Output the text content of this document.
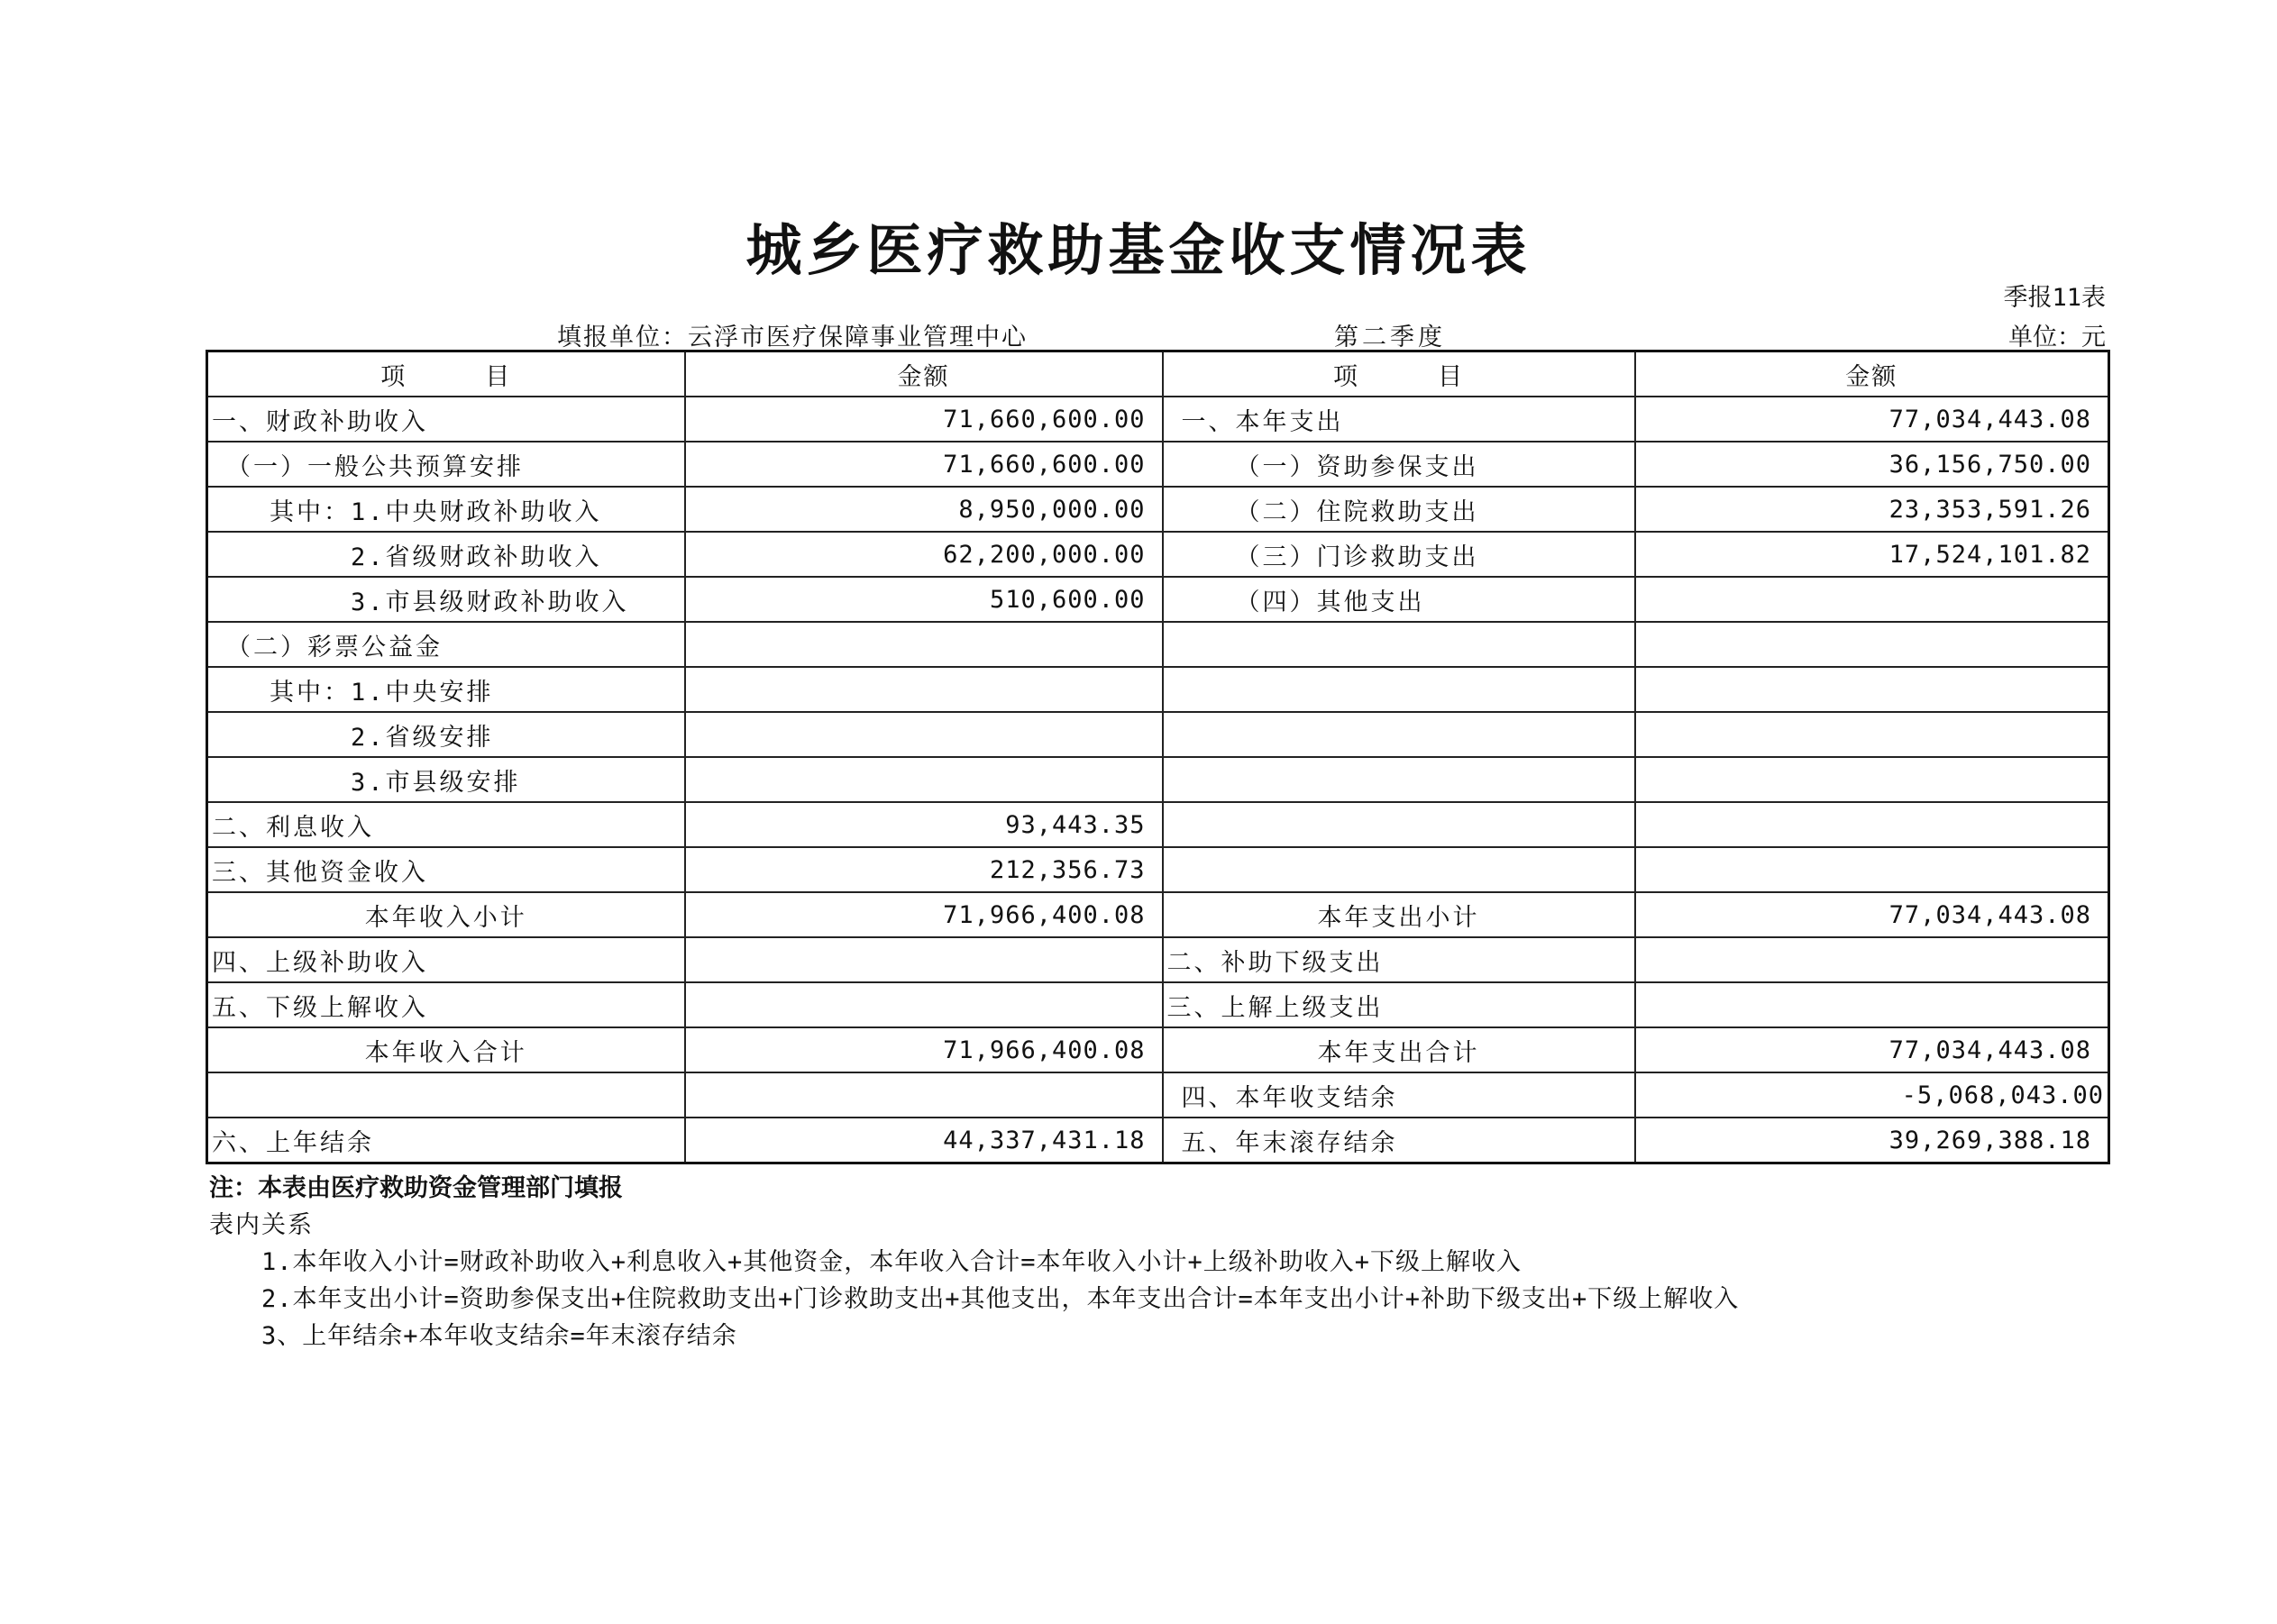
城乡医疗救助基金收支情况表
季报11表
填报单位：云浮市医疗保障事业管理中心	第二季度	单位：元
项　　　目	金额	项　　　目	金额
一、财政补助收入	71,660,600.00	一、本年支出	77,034,443.08
（一）一般公共预算安排	71,660,600.00	（一）资助参保支出	36,156,750.00
其中：1.中央财政补助收入	8,950,000.00	（二）住院救助支出	23,353,591.26
2.省级财政补助收入	62,200,000.00	（三）门诊救助支出	17,524,101.82
3.市县级财政补助收入	510,600.00	（四）其他支出	
（二）彩票公益金			
其中：1.中央安排			
2.省级安排			
3.市县级安排			
二、利息收入	93,443.35		
三、其他资金收入	212,356.73		
本年收入小计	71,966,400.08	本年支出小计	77,034,443.08
四、上级补助收入		二、补助下级支出	
五、下级上解收入		三、上解上级支出	
本年收入合计	71,966,400.08	本年支出合计	77,034,443.08
		四、本年收支结余	-5,068,043.00
六、上年结余	44,337,431.18	五、年末滚存结余	39,269,388.18
注：本表由医疗救助资金管理部门填报
表内关系
1.本年收入小计=财政补助收入+利息收入+其他资金，本年收入合计=本年收入小计+上级补助收入+下级上解收入
2.本年支出小计=资助参保支出+住院救助支出+门诊救助支出+其他支出，本年支出合计=本年支出小计+补助下级支出+下级上解收入
3、上年结余+本年收支结余=年末滚存结余
